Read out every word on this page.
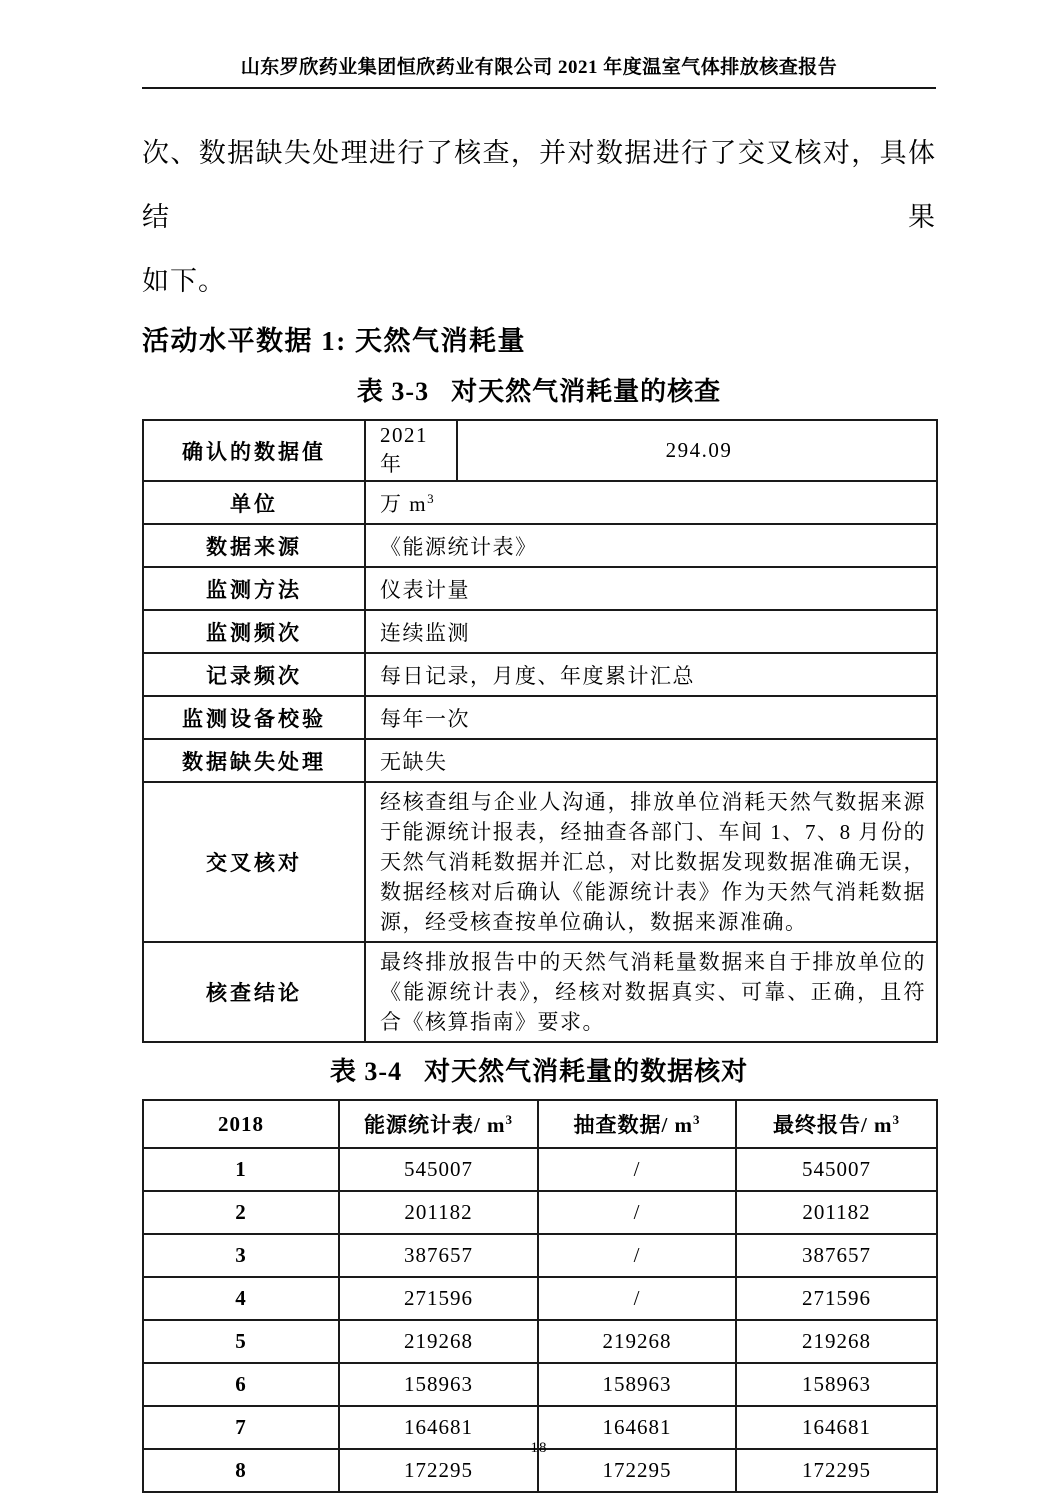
山东罗欣药业集团恒欣药业有限公司 2021 年度温室气体排放核查报告

次、数据缺失处理进行了核查，并对数据进行了交叉核对，具体结果

如下。

活动水平数据 1: 天然气消耗量
表 3-3 对天然气消耗量的核查
确认的数据值	2021 年	294.09
单位	万 $m^3$
数据来源	《能源统计表》	
监测方法	仪表计量	
监测频次	连续监测	
记录频次	每日记录，月度、年度累计汇总	
监测设备校验	每年一次	
数据缺失处理	无缺失	
交叉核对	经核查组与企业人沟通，排放单位消耗天然气数据来源于能源统计报表，经抽查各部门、车间 1、7、8 月份的天然气消耗数据并汇总，对比数据发现数据准确无误，数据经核对后确认《能源统计表》作为天然气消耗数据源，经受核查按单位确认，数据来源准确。	
核查结论	最终排放报告中的天然气消耗量数据来自于排放单位的《能源统计表》，经核对数据真实、可靠、正确，且符合《核算指南》要求。	
表 3-4 对天然气消耗量的数据核对
2018	能源统计表/ $m^3$	抽查数据/ $m^3$	最终报告/ $m^3$
1	545007	/	545007
2	201182	/	201182
3	387657	/	387657
4	271596	/	271596
5	219268	219268	219268
6	158963	158963	158963
7	164681	164681	164681
8	172295	172295	172295
18
